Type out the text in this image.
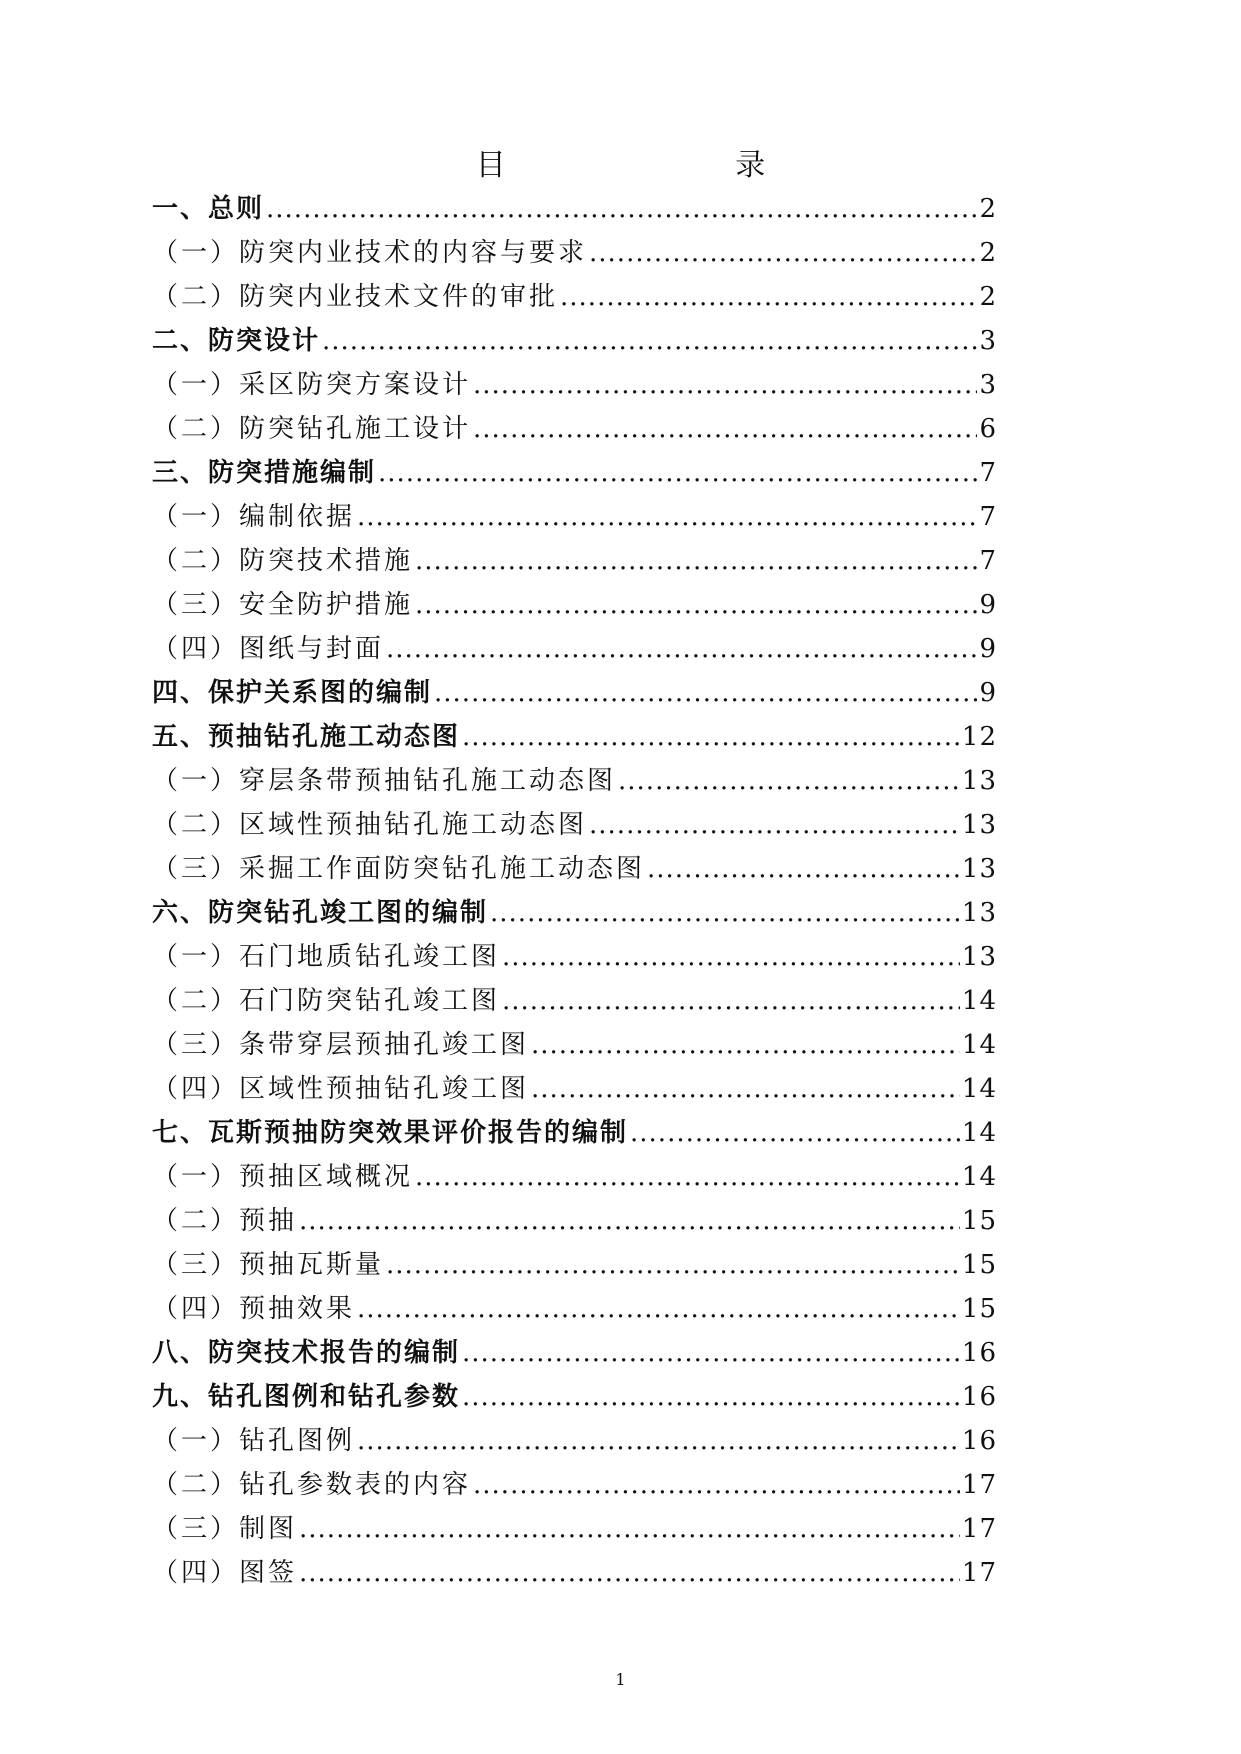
目 录
一、总则 .....	2
（一）防突内业技术的内容与要求 .....	2
（二）防突内业技术文件的审批 .....	2
二、防突设计 .....	3
（一）采区防突方案设计 .....	3
（二）防突钻孔施工设计 .....	6
三、防突措施编制 .....	7
（一）编制依据 .....	7
（二）防突技术措施 .....	7
（三）安全防护措施 .....	9
（四）图纸与封面 .....	9
四、保护关系图的编制 .....	9
五、预抽钻孔施工动态图 .....	12
（一）穿层条带预抽钻孔施工动态图 .....	13
（二）区域性预抽钻孔施工动态图 .....	13
（三）采掘工作面防突钻孔施工动态图 .....	13
六、防突钻孔竣工图的编制 .....	13
（一）石门地质钻孔竣工图 .....	13
（二）石门防突钻孔竣工图 .....	14
（三）条带穿层预抽孔竣工图 .....	14
（四）区域性预抽钻孔竣工图 .....	14
七、瓦斯预抽防突效果评价报告的编制 .....	14
（一）预抽区域概况 .....	14
（二）预抽 .....	15
（三）预抽瓦斯量 .....	15
（四）预抽效果 .....	15
八、防突技术报告的编制 .....	16
九、钻孔图例和钻孔参数 .....	16
（一）钻孔图例 .....	16
（二）钻孔参数表的内容 .....	17
（三）制图 .....	17
（四）图签 .....	17
1
